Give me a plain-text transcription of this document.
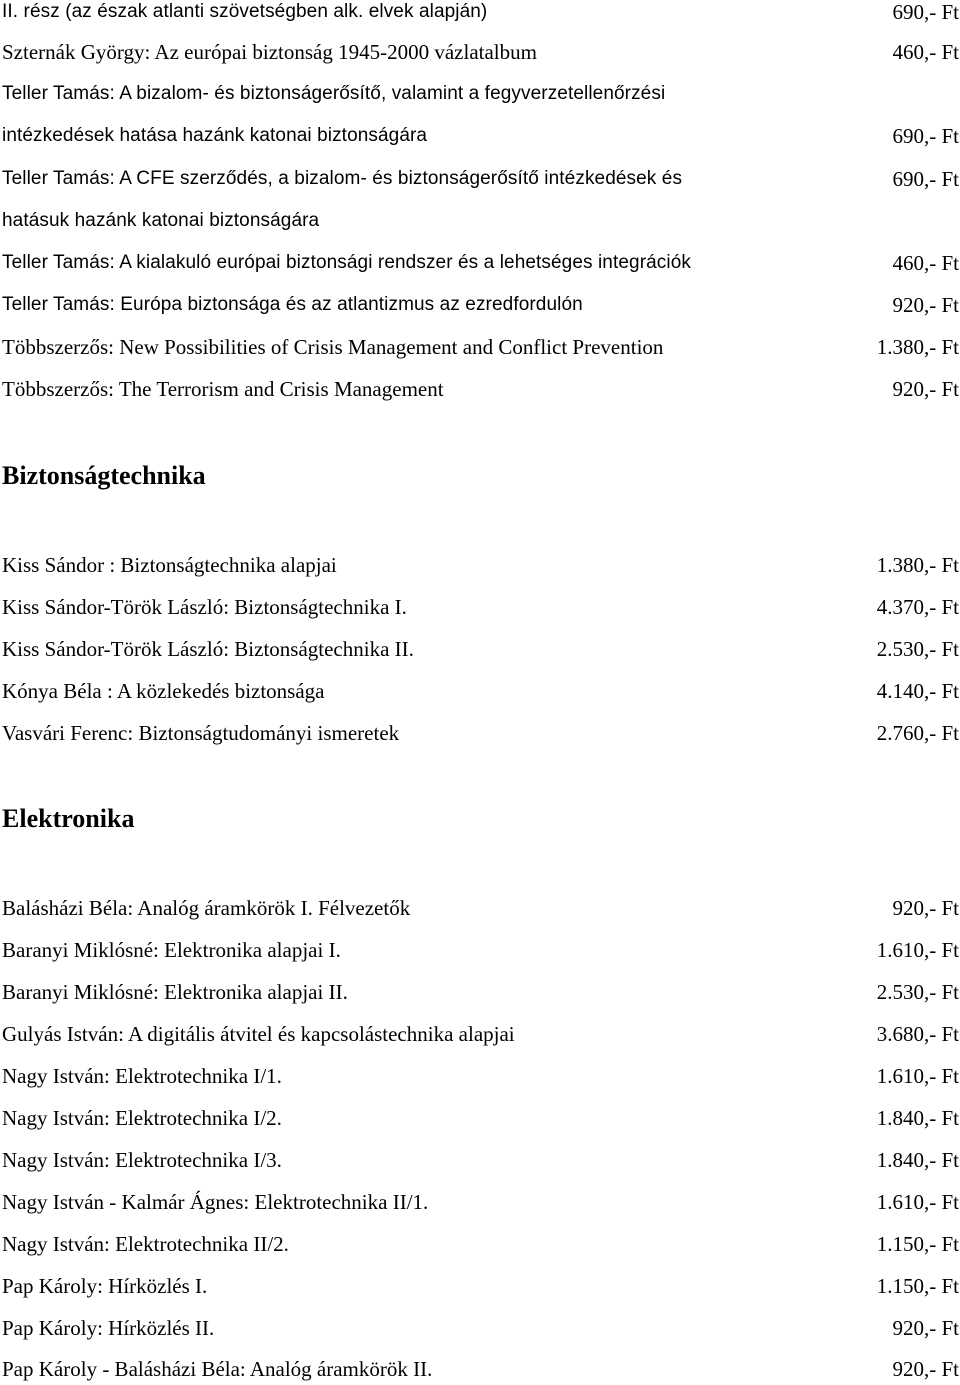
II. rész (az észak atlanti szövetségben alk. elvek alapján)	690,- Ft
Szternák György: Az európai biztonság 1945-2000 vázlatalbum	460,- Ft
Teller Tamás: A bizalom- és biztonságerősítő, valamint a fegyverzetellenőrzési
intézkedések hatása hazánk katonai biztonságára	690,- Ft
Teller Tamás: A CFE szerződés, a bizalom- és biztonságerősítő intézkedések és	690,- Ft
hatásuk hazánk katonai biztonságára
Teller Tamás: A kialakuló európai biztonsági rendszer és a lehetséges integrációk	460,- Ft
Teller Tamás: Európa biztonsága és az atlantizmus az ezredfordulón	920,- Ft
Többszerzős: New Possibilities of Crisis Management and Conflict Prevention	1.380,- Ft
Többszerzős: The Terrorism and Crisis Management	920,- Ft
Biztonságtechnika
Kiss Sándor : Biztonságtechnika alapjai	1.380,- Ft
Kiss Sándor-Török László: Biztonságtechnika I.	4.370,- Ft
Kiss Sándor-Török László: Biztonságtechnika II.	2.530,- Ft
Kónya Béla : A közlekedés biztonsága	4.140,- Ft
Vasvári Ferenc: Biztonságtudományi ismeretek	2.760,- Ft
Elektronika
Balásházi Béla: Analóg áramkörök I. Félvezetők	920,- Ft
Baranyi Miklósné: Elektronika alapjai I.	1.610,- Ft
Baranyi Miklósné: Elektronika alapjai II.	2.530,- Ft
Gulyás István: A digitális átvitel és kapcsolástechnika alapjai	3.680,- Ft
Nagy István: Elektrotechnika I/1.	1.610,- Ft
Nagy István: Elektrotechnika I/2.	1.840,- Ft
Nagy István: Elektrotechnika I/3.	1.840,- Ft
Nagy István - Kalmár Ágnes: Elektrotechnika II/1.	1.610,- Ft
Nagy István: Elektrotechnika II/2.	1.150,- Ft
Pap Károly: Hírközlés I.	1.150,- Ft
Pap Károly: Hírközlés II.	920,- Ft
Pap Károly - Balásházi Béla: Analóg áramkörök II.	920,- Ft
